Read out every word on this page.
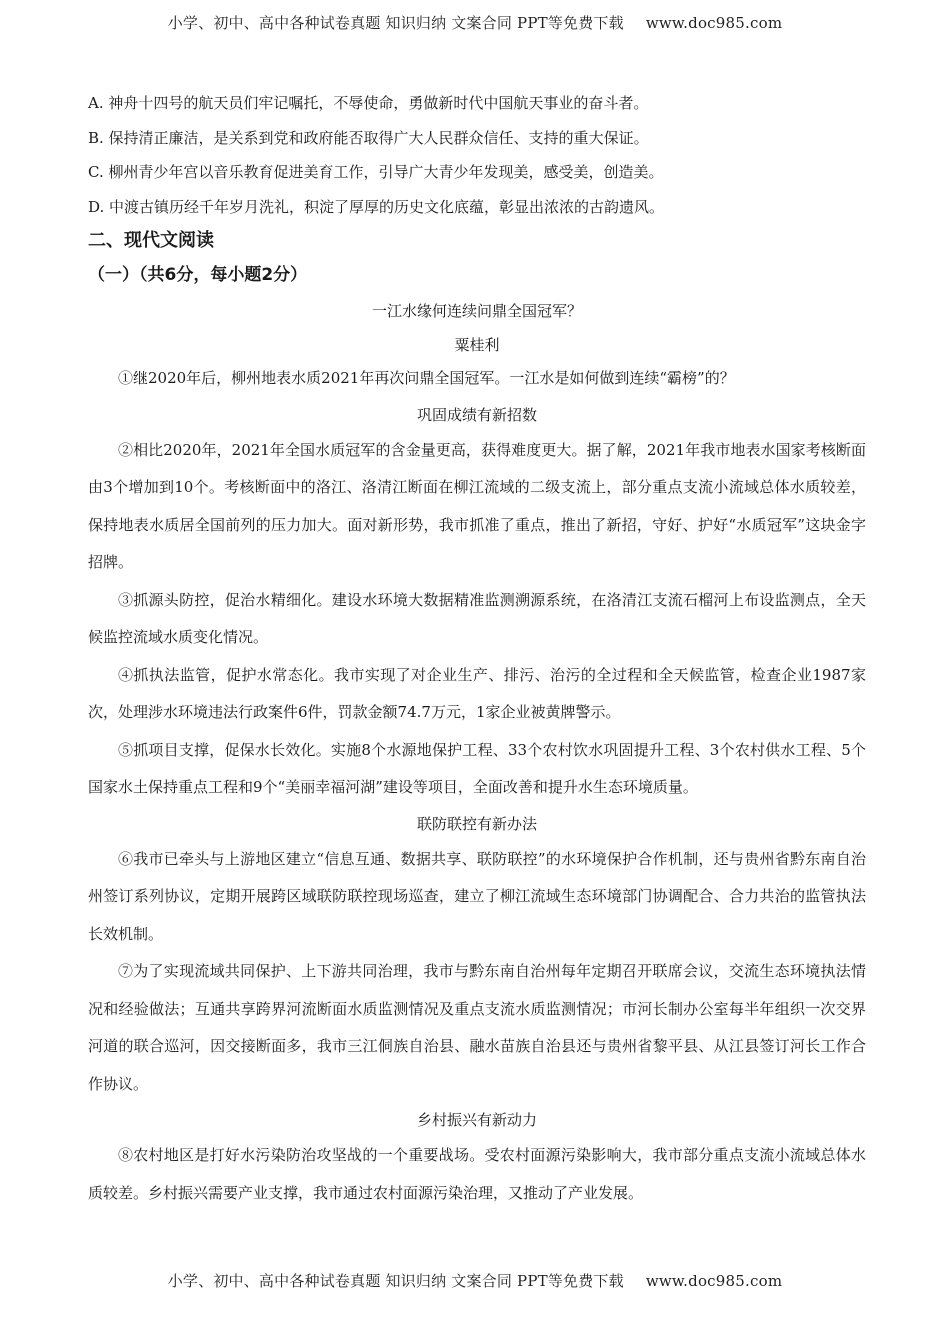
小学、初中、高中各种试卷真题 知识归纳 文案合同 PPT等免费下载 www.doc985.com
A. 神舟十四号的航天员们牢记嘱托，不辱使命，勇做新时代中国航天事业的奋斗者。
B. 保持清正廉洁，是关系到党和政府能否取得广大人民群众信任、支持的重大保证。
C. 柳州青少年宫以音乐教育促进美育工作，引导广大青少年发现美，感受美，创造美。
D. 中渡古镇历经千年岁月洗礼，积淀了厚厚的历史文化底蕴，彰显出浓浓的古韵遗风。
二、现代文阅读
（一）（共6分，每小题2分）
一江水缘何连续问鼎全国冠军？
粟桂利

①继2020年后，柳州地表水质2021年再次问鼎全国冠军。一江水是如何做到连续“霸榜”的？

巩固成绩有新招数

②相比2020年，2021年全国水质冠军的含金量更高，获得难度更大。据了解，2021年我市地表水国家考核断面由3个增加到10个。考核断面中的洛江、洛清江断面在柳江流域的二级支流上，部分重点支流小流域总体水质较差，保持地表水质居全国前列的压力加大。面对新形势，我市抓准了重点，推出了新招，守好、护好“水质冠军”这块金字招牌。

③抓源头防控，促治水精细化。建设水环境大数据精准监测溯源系统，在洛清江支流石榴河上布设监测点，全天候监控流域水质变化情况。

④抓执法监管，促护水常态化。我市实现了对企业生产、排污、治污的全过程和全天候监管，检查企业1987家次，处理涉水环境违法行政案件6件，罚款金额74.7万元，1家企业被黄牌警示。

⑤抓项目支撑，促保水长效化。实施8个水源地保护工程、33个农村饮水巩固提升工程、3个农村供水工程、5个国家水土保持重点工程和9个“美丽幸福河湖”建设等项目，全面改善和提升水生态环境质量。

联防联控有新办法

⑥我市已牵头与上游地区建立“信息互通、数据共享、联防联控”的水环境保护合作机制，还与贵州省黔东南自治州签订系列协议，定期开展跨区域联防联控现场巡查，建立了柳江流域生态环境部门协调配合、合力共治的监管执法长效机制。

⑦为了实现流域共同保护、上下游共同治理，我市与黔东南自治州每年定期召开联席会议，交流生态环境执法情况和经验做法；互通共享跨界河流断面水质监测情况及重点支流水质监测情况；市河长制办公室每半年组织一次交界河道的联合巡河，因交接断面多，我市三江侗族自治县、融水苗族自治县还与贵州省黎平县、从江县签订河长工作合作协议。

乡村振兴有新动力

⑧农村地区是打好水污染防治攻坚战的一个重要战场。受农村面源污染影响大，我市部分重点支流小流域总体水质较差。乡村振兴需要产业支撑，我市通过农村面源污染治理，又推动了产业发展。

小学、初中、高中各种试卷真题 知识归纳 文案合同 PPT等免费下载 www.doc985.com
